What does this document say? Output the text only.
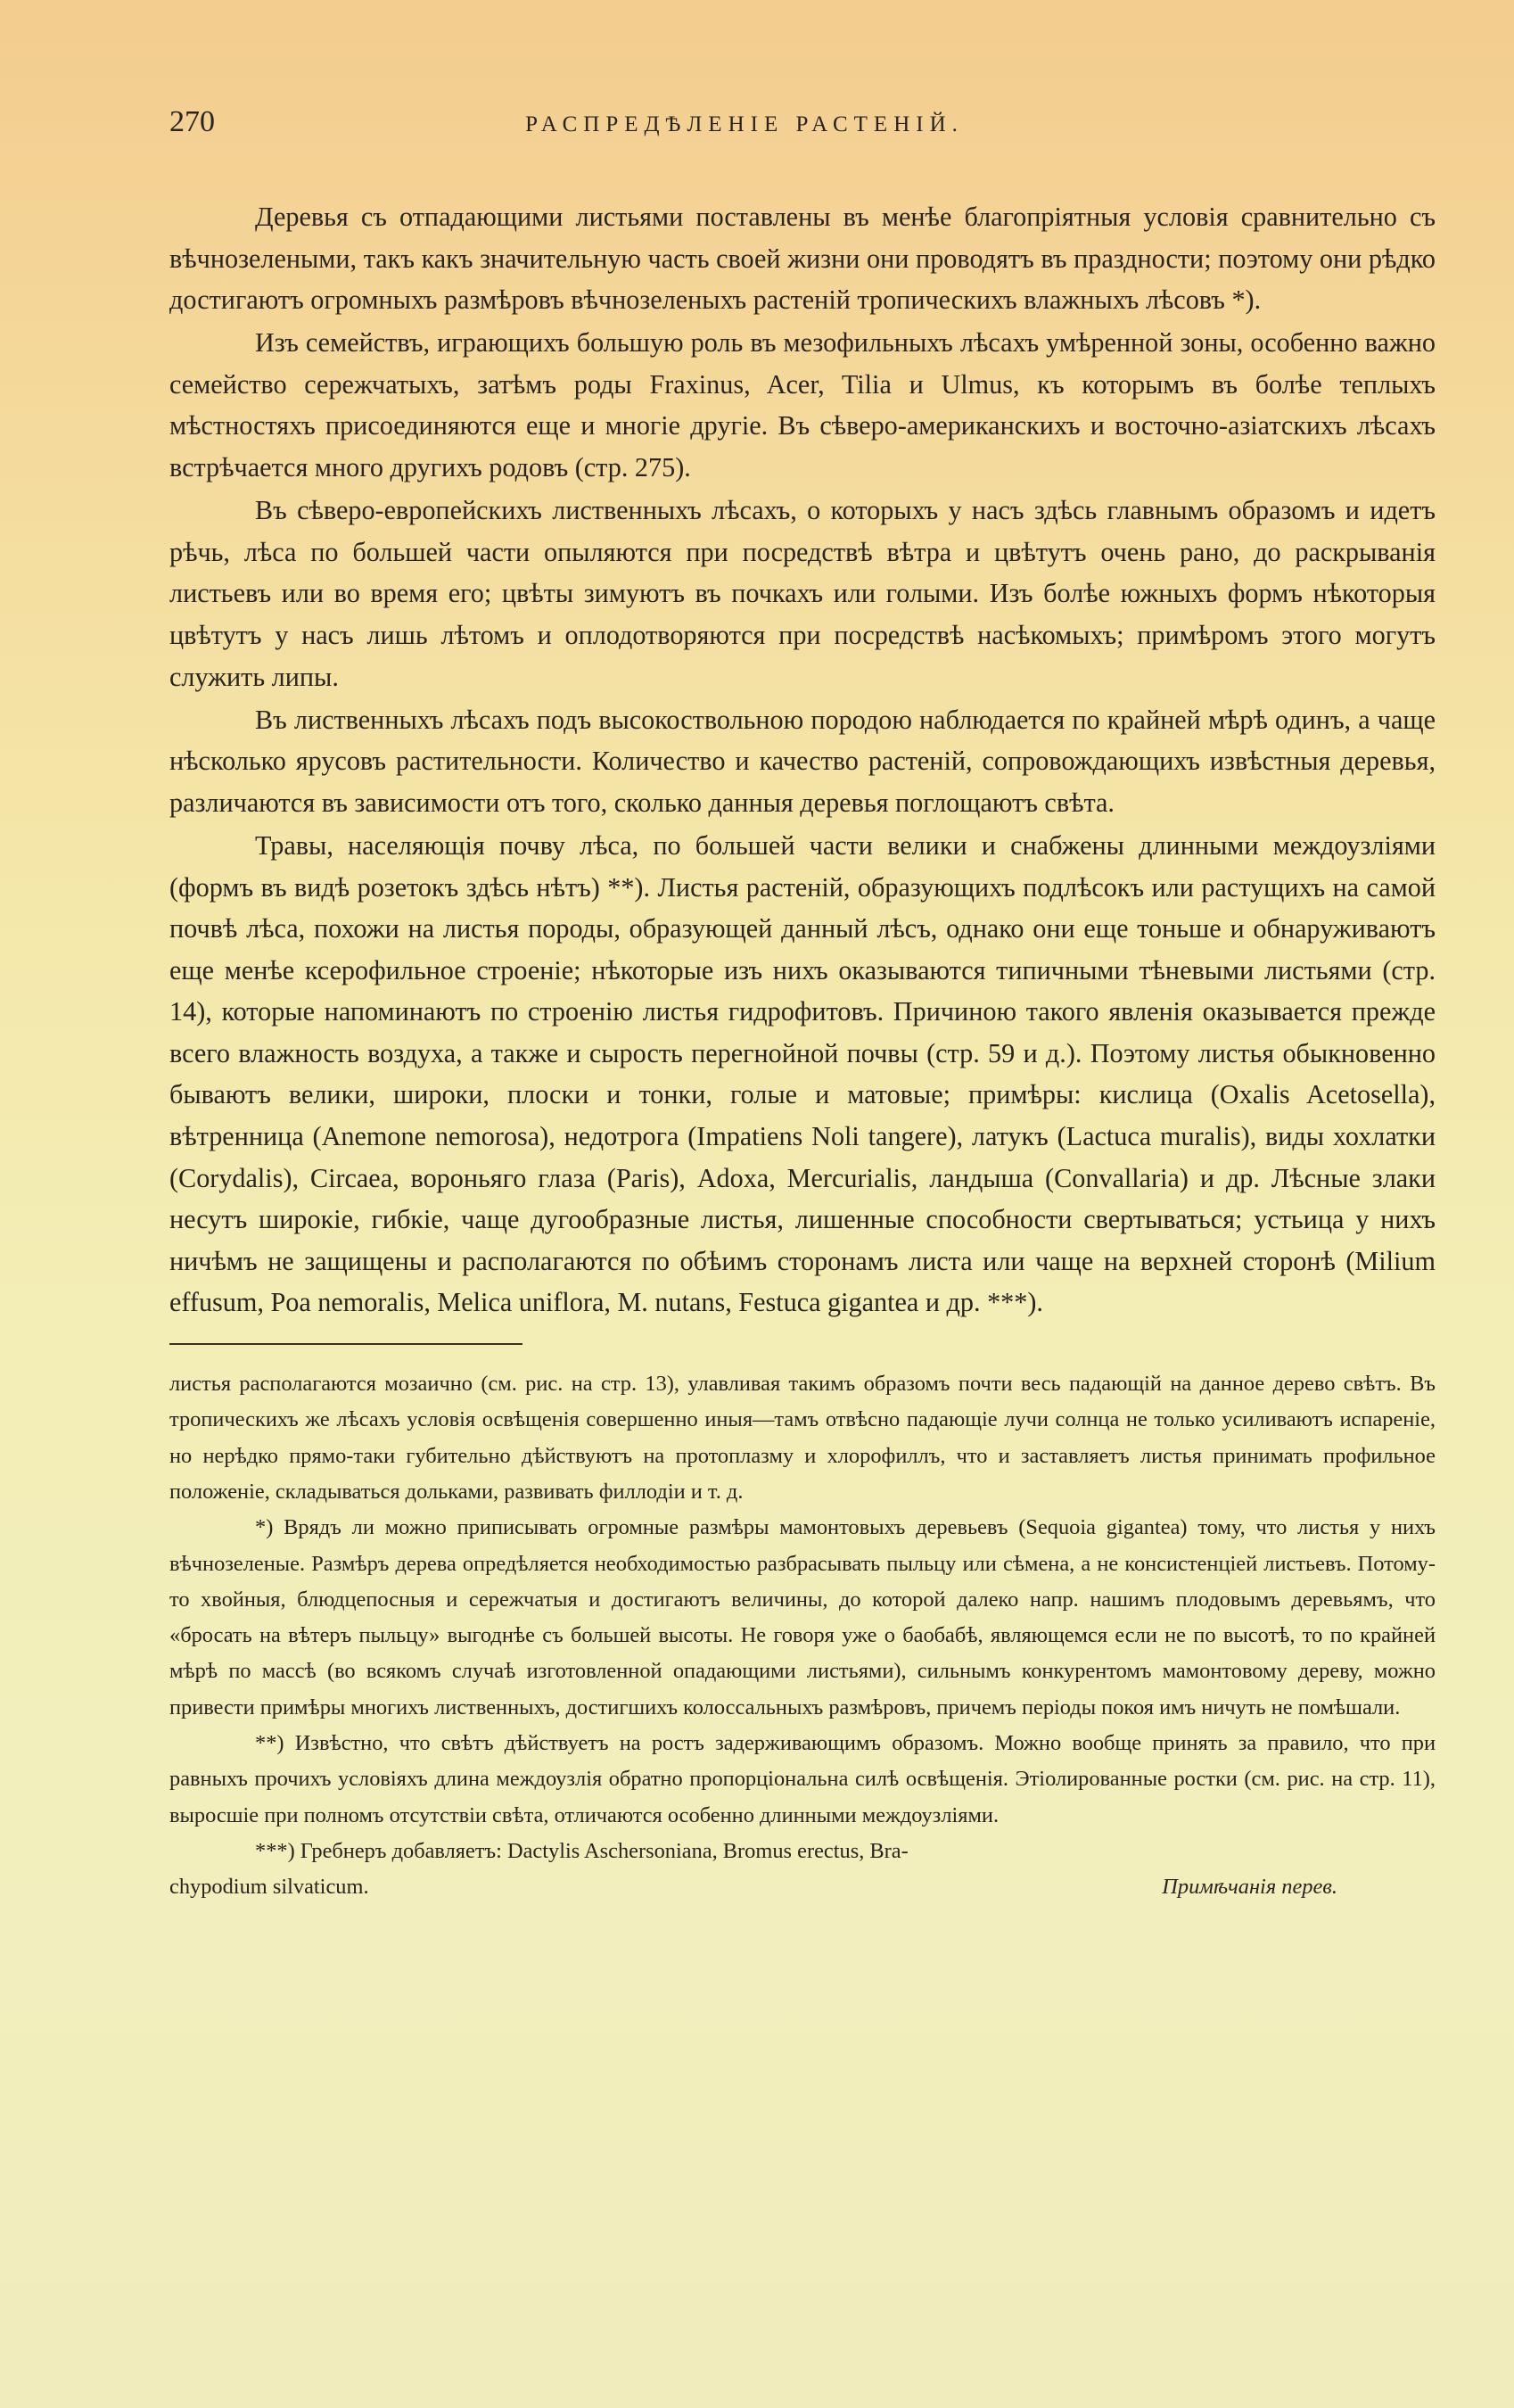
270	РАСПРЕДѢЛЕНІЕ РАСТЕНІЙ.

Деревья съ отпадающими листьями поставлены въ менѣе благопріятныя условія сравнительно съ вѣчнозелеными, такъ какъ значительную часть своей жизни они проводятъ въ праздности; поэтому они рѣдко достигаютъ огромныхъ размѣровъ вѣчнозеленыхъ растеній тропическихъ влажныхъ лѣсовъ *).

Изъ семействъ, играющихъ большую роль въ мезофильныхъ лѣсахъ умѣренной зоны, особенно важно семейство сережчатыхъ, затѣмъ роды Fraxinus, Acer, Tilia и Ulmus, къ которымъ въ болѣе теплыхъ мѣстностяхъ присоединяются еще и многіе другіе. Въ сѣверо-американскихъ и восточно-азіатскихъ лѣсахъ встрѣчается много другихъ родовъ (стр. 275).

Въ сѣверо-европейскихъ лиственныхъ лѣсахъ, о которыхъ у насъ здѣсь главнымъ образомъ и идетъ рѣчь, лѣса по большей части опыляются при посредствѣ вѣтра и цвѣтутъ очень рано, до раскрыванія листьевъ или во время его; цвѣты зимуютъ въ почкахъ или голыми. Изъ болѣе южныхъ формъ нѣкоторыя цвѣтутъ у насъ лишь лѣтомъ и оплодотворяются при посредствѣ насѣкомыхъ; примѣромъ этого могутъ служить липы.

Въ лиственныхъ лѣсахъ подъ высокоствольною породою наблюдается по крайней мѣрѣ одинъ, а чаще нѣсколько ярусовъ растительности. Количество и качество растеній, сопровождающихъ извѣстныя деревья, различаются въ зависимости отъ того, сколько данныя деревья поглощаютъ свѣта.

Травы, населяющія почву лѣса, по большей части велики и снабжены длинными междоузліями (формъ въ видѣ розетокъ здѣсь нѣтъ) **). Листья растеній, образующихъ подлѣсокъ или растущихъ на самой почвѣ лѣса, похожи на листья породы, образующей данный лѣсъ, однако они еще тоньше и обнаруживаютъ еще менѣе ксерофильное строеніе; нѣкоторые изъ нихъ оказываются типичными тѣневыми листьями (стр. 14), которые напоминаютъ по строенію листья гидрофитовъ. Причиною такого явленія оказывается прежде всего влажность воздуха, а также и сырость перегнойной почвы (стр. 59 и д.). Поэтому листья обыкновенно бываютъ велики, широки, плоски и тонки, голые и матовые; примѣры: кислица (Oxalis Acetosella), вѣтренница (Anemone nemorosa), недотрога (Impatiens Noli tangere), латукъ (Lactuca muralis), виды хохлатки (Corydalis), Circaea, вороньяго глаза (Paris), Adoxa, Mercurialis, ландыша (Convallaria) и др. Лѣсные злаки несутъ широкіе, гибкіе, чаще дугообразные листья, лишенные способности свертываться; устьица у нихъ ничѣмъ не защищены и располагаются по обѣимъ сторонамъ листа или чаще на верхней сторонѣ (Milium effusum, Poa nemoralis, Melica uniflora, M. nutans, Festuca gigantea и др. ***).

листья располагаются мозаично (см. рис. на стр. 13), улавливая такимъ образомъ почти весь падающій на данное дерево свѣтъ. Въ тропическихъ же лѣсахъ условія освѣщенія совершенно иныя—тамъ отвѣсно падающіе лучи солнца не только усиливаютъ испареніе, но нерѣдко прямо-таки губительно дѣйствуютъ на протоплазму и хлорофиллъ, что и заставляетъ листья принимать профильное положеніе, складываться дольками, развивать филлодіи и т. д.

*) Врядъ ли можно приписывать огромные размѣры мамонтовыхъ деревьевъ (Sequoia gigantea) тому, что листья у нихъ вѣчнозеленые. Размѣръ дерева опредѣляется необходимостью разбрасывать пыльцу или сѣмена, а не консистенціей листьевъ. Потому-то хвойныя, блюдцепосныя и сережчатыя и достигаютъ величины, до которой далеко напр. нашимъ плодовымъ деревьямъ, что «бросать на вѣтеръ пыльцу» выгоднѣе съ большей высоты. Не говоря уже о баобабѣ, являющемся если не по высотѣ, то по крайней мѣрѣ по массѣ (во всякомъ случаѣ изготовленной опадающими листьями), сильнымъ конкурентомъ мамонтовому дереву, можно привести примѣры многихъ лиственныхъ, достигшихъ колоссальныхъ размѣровъ, причемъ періоды покоя имъ ничуть не помѣшали.

**) Извѣстно, что свѣтъ дѣйствуетъ на ростъ задерживающимъ образомъ. Можно вообще принять за правило, что при равныхъ прочихъ условіяхъ длина междоузлія обратно пропорціональна силѣ освѣщенія. Этіолированные ростки (см. рис. на стр. 11), выросшіе при полномъ отсутствіи свѣта, отличаются особенно длинными междоузліями.

***) Гребнеръ добавляетъ: Dactylis Aschersoniana, Bromus erectus, Bra-

chypodium silvaticum.	Примѣчанія перев.
